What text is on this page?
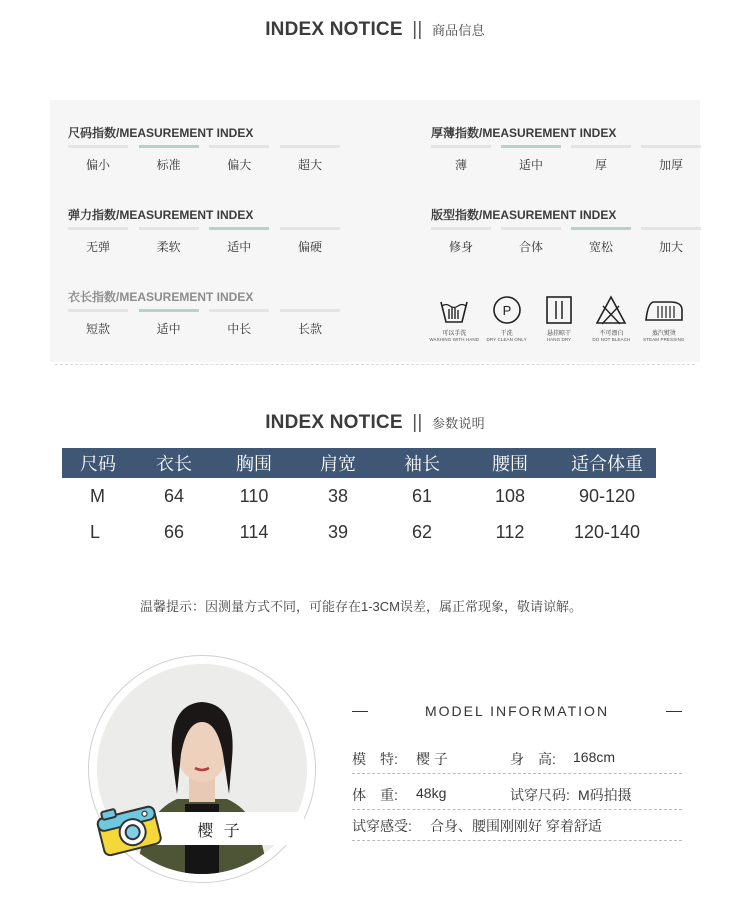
INDEX NOTICE || 商品信息
尺码指数/MEASUREMENT INDEX
偏小	标准	偏大	超大
厚薄指数/MEASUREMENT INDEX
薄	适中	厚	加厚
弹力指数/MEASUREMENT INDEX
无弹	柔软	适中	偏硬
版型指数/MEASUREMENT INDEX
修身	合体	宽松	加大
衣长指数/MEASUREMENT INDEX
短款	适中	中长	长款	可以手洗
WASHING WITH HAND
P
干洗
DRY CLEAN ONLY
悬挂晾干
HANG DRY
不可漂白
DO NOT BLEACH
蒸汽熨烫
STEAM PRESSING
INDEX NOTICE || 参数说明
尺码	衣长	胸围	肩宽	袖长	腰围	适合体重
M	64	110	38	61	108	90-120
L	66	114	39	62	112	120-140
温馨提示：因测量方式不同，可能存在1-3CM误差，属正常现象，敬请谅解。
樱 子
MODEL INFORMATION
模　特: 樱 子	身　高: 168cm
体　重: 48kg	试穿尺码: M码拍摄
试穿感受: 合身、腰围刚刚好 穿着舒适
